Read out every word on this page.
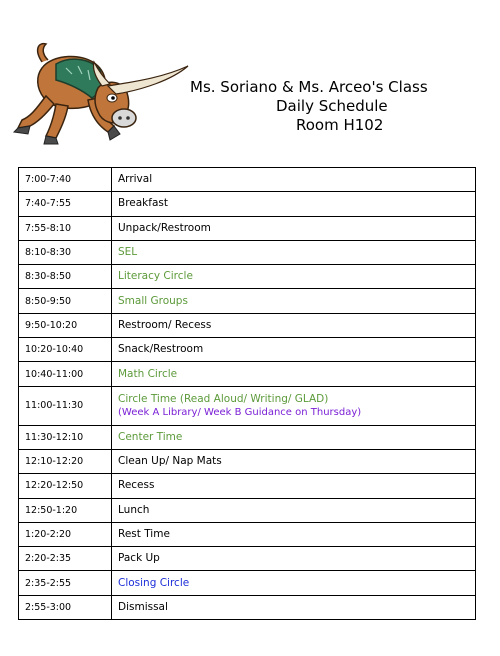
Ms. Soriano & Ms. Arceo's Class
Daily Schedule
Room H102
7:00-7:40	Arrival
7:40-7:55	Breakfast
7:55-8:10	Unpack/Restroom
8:10-8:30	SEL
8:30-8:50	Literacy Circle
8:50-9:50	Small Groups
9:50-10:20	Restroom/ Recess
10:20-10:40	Snack/Restroom
10:40-11:00	Math Circle
11:00-11:30	Circle Time (Read Aloud/ Writing/ GLAD)
(Week A Library/ Week B Guidance on Thursday)

11:30-12:10	Center Time
12:10-12:20	Clean Up/ Nap Mats
12:20-12:50	Recess
12:50-1:20	Lunch
1:20-2:20	Rest Time
2:20-2:35	Pack Up
2:35-2:55	Closing Circle
2:55-3:00	Dismissal
